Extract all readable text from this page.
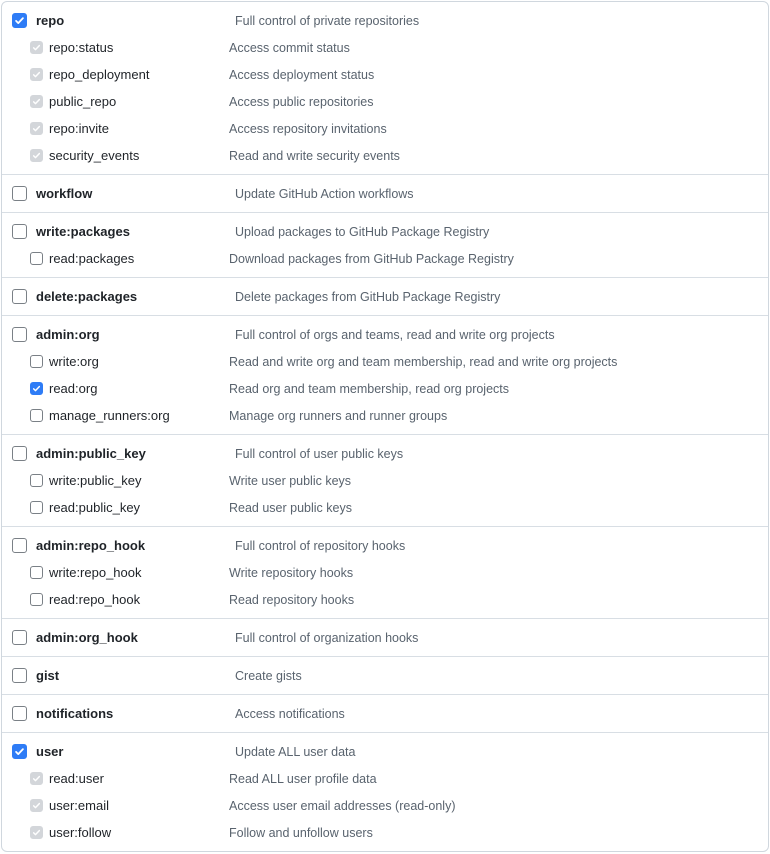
repo	Full control of private repositories
repo:status	Access commit status
repo_deployment	Access deployment status
public_repo	Access public repositories
repo:invite	Access repository invitations
security_events	Read and write security events
workflow	Update GitHub Action workflows
write:packages	Upload packages to GitHub Package Registry
read:packages	Download packages from GitHub Package Registry
delete:packages	Delete packages from GitHub Package Registry
admin:org	Full control of orgs and teams, read and write org projects
write:org	Read and write org and team membership, read and write org projects
read:org	Read org and team membership, read org projects
manage_runners:org	Manage org runners and runner groups
admin:public_key	Full control of user public keys
write:public_key	Write user public keys
read:public_key	Read user public keys
admin:repo_hook	Full control of repository hooks
write:repo_hook	Write repository hooks
read:repo_hook	Read repository hooks
admin:org_hook	Full control of organization hooks
gist	Create gists
notifications	Access notifications
user	Update ALL user data
read:user	Read ALL user profile data
user:email	Access user email addresses (read-only)
user:follow	Follow and unfollow users
